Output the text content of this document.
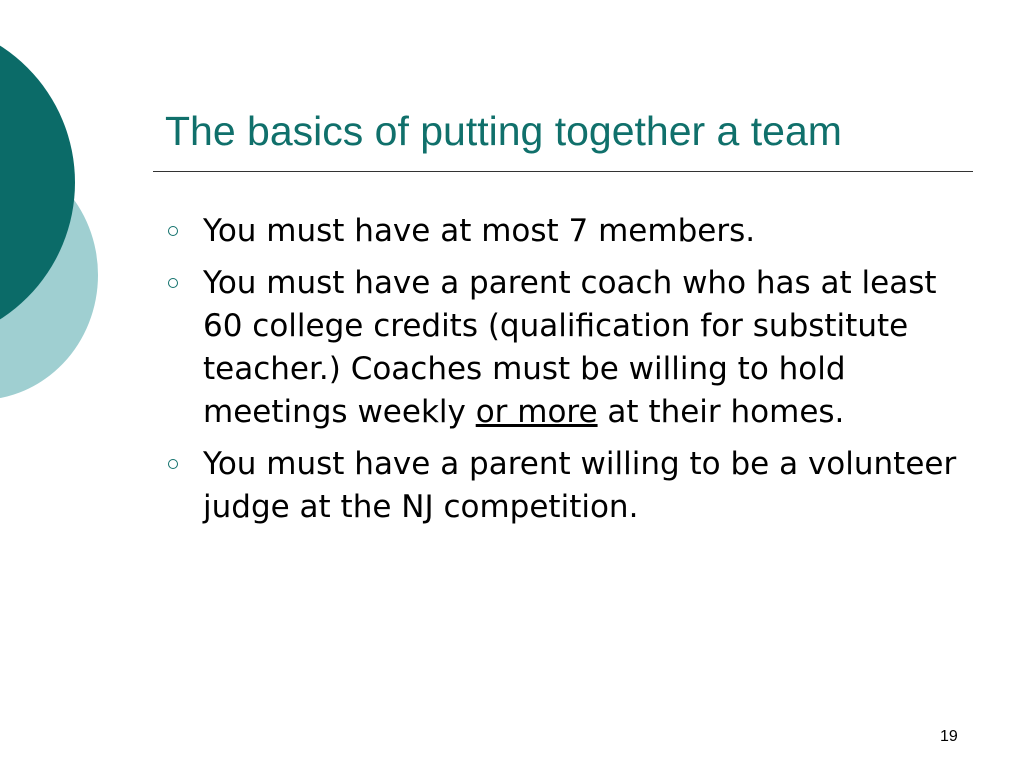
The basics of putting together a team
You must have at most 7 members.
You must have a parent coach who has at least 60 college credits (qualification for substitute teacher.) Coaches must be willing to hold meetings weekly or more at their homes.
You must have a parent willing to be a volunteer judge at the NJ competition.
19
